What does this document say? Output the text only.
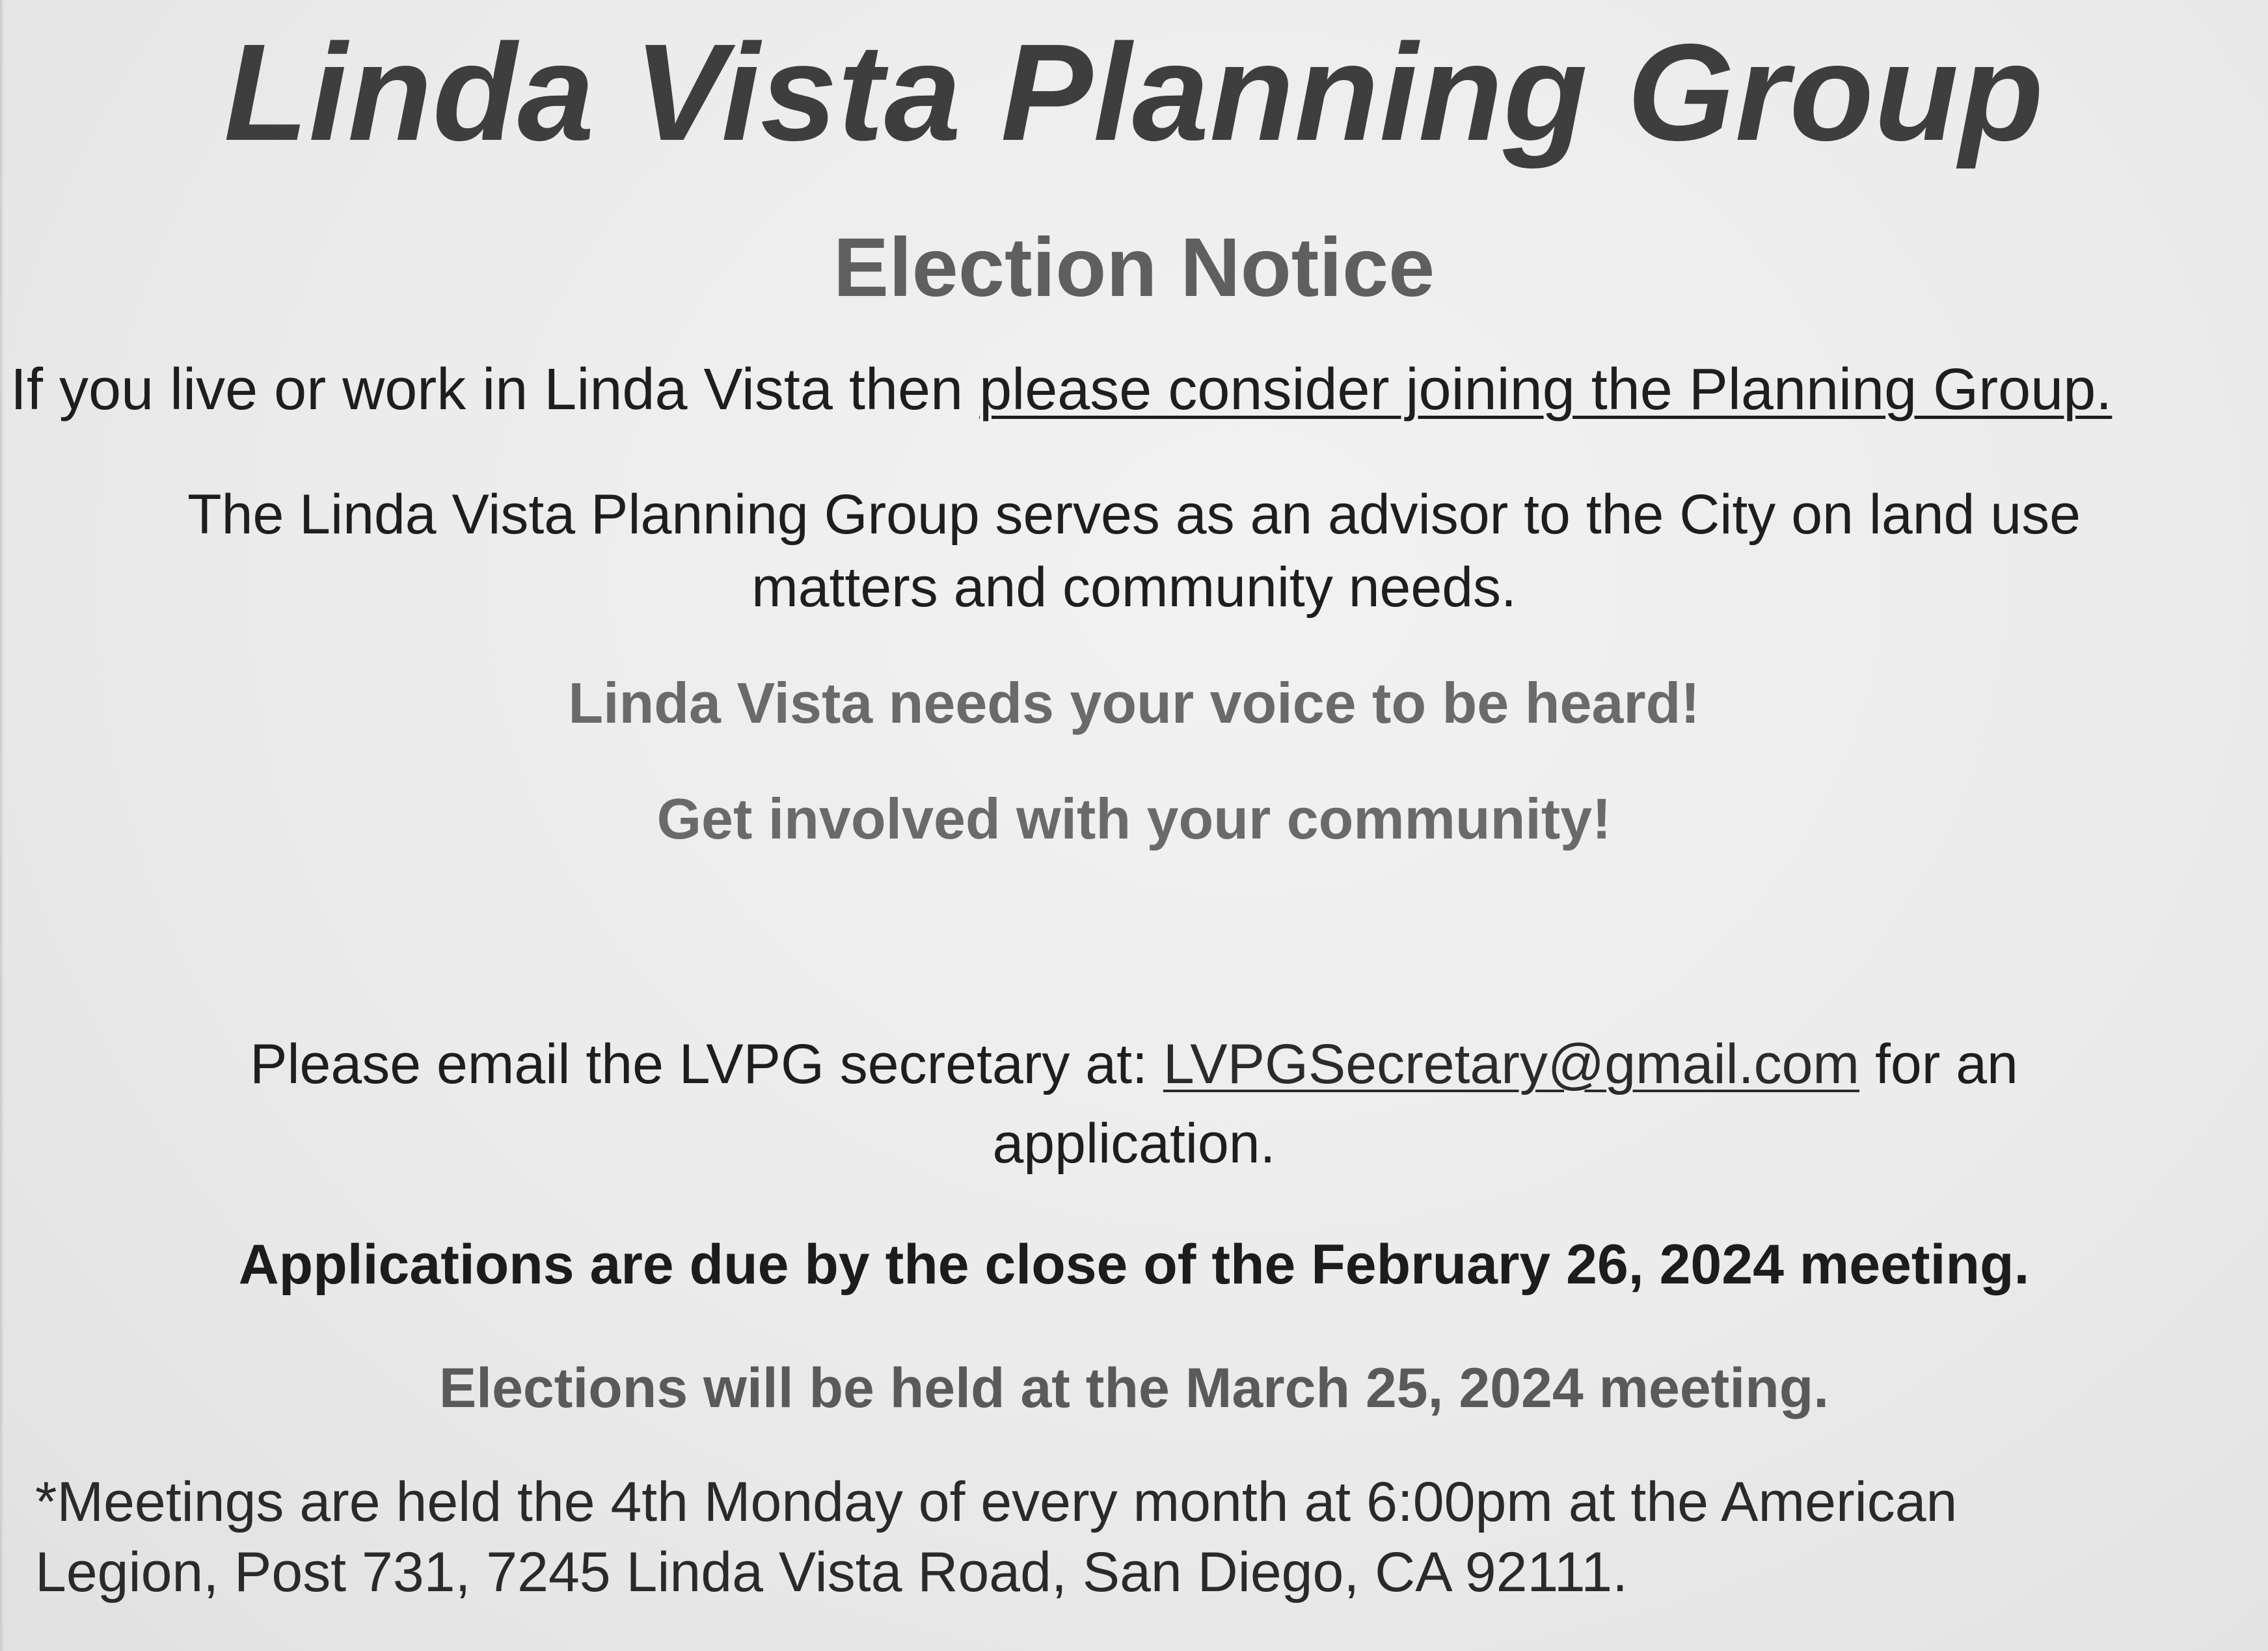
Linda Vista Planning Group
Election Notice

If you live or work in Linda Vista then please consider joining the Planning Group.

The Linda Vista Planning Group serves as an advisor to the City on land use
matters and community needs.

Linda Vista needs your voice to be heard!

Get involved with your community!

Please email the LVPG secretary at: LVPGSecretary@gmail.com for an
application.

Applications are due by the close of the February 26, 2024 meeting.

Elections will be held at the March 25, 2024 meeting.

*Meetings are held the 4th Monday of every month at 6:00pm at the American
Legion, Post 731, 7245 Linda Vista Road, San Diego, CA 92111.
